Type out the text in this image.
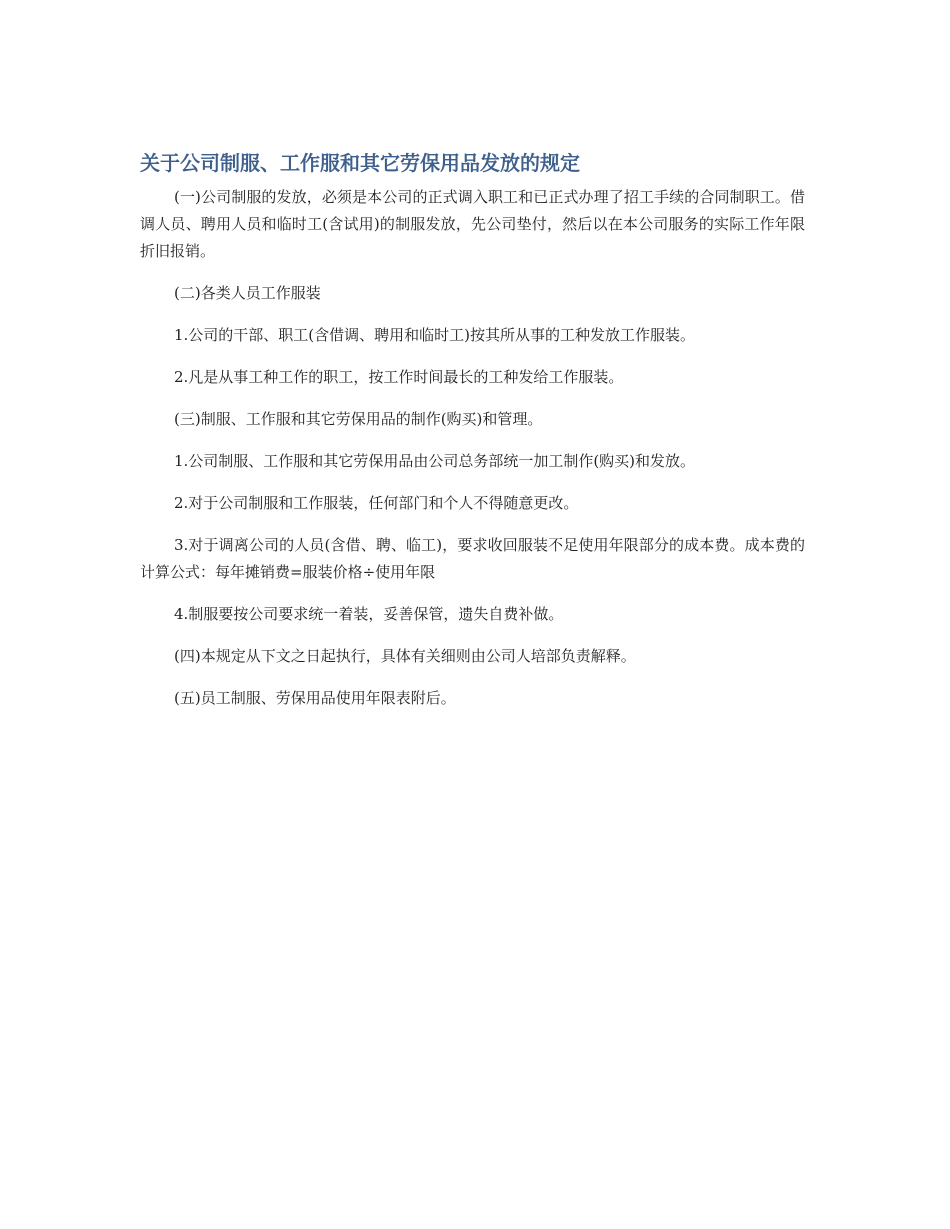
关于公司制服、工作服和其它劳保用品发放的规定

(一)公司制服的发放，必须是本公司的正式调入职工和已正式办理了招工手续的合同制职工。借调人员、聘用人员和临时工(含试用)的制服发放，先公司垫付，然后以在本公司服务的实际工作年限折旧报销。

(二)各类人员工作服装

1.公司的干部、职工(含借调、聘用和临时工)按其所从事的工种发放工作服装。

2.凡是从事工种工作的职工，按工作时间最长的工种发给工作服装。

(三)制服、工作服和其它劳保用品的制作(购买)和管理。

1.公司制服、工作服和其它劳保用品由公司总务部统一加工制作(购买)和发放。

2.对于公司制服和工作服装，任何部门和个人不得随意更改。

3.对于调离公司的人员(含借、聘、临工)，要求收回服装不足使用年限部分的成本费。成本费的计算公式：每年摊销费=服装价格÷使用年限

4.制服要按公司要求统一着装，妥善保管，遗失自费补做。

(四)本规定从下文之日起执行，具体有关细则由公司人培部负责解释。

(五)员工制服、劳保用品使用年限表附后。
